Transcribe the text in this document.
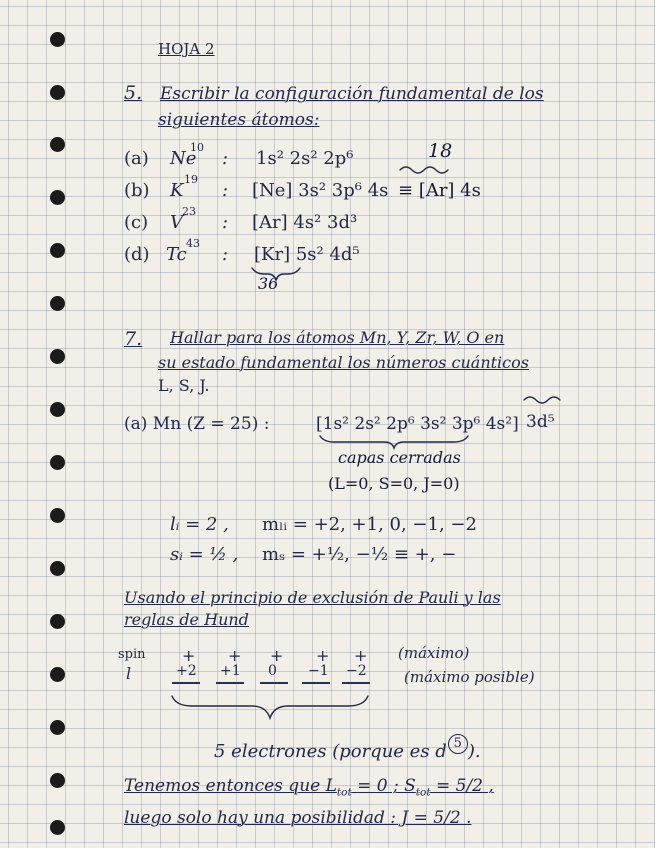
HOJA 2
5. Escribir la configuración fundamental de los
siguientes átomos:
(a) Ne
10
: 1s² 2s² 2p⁶	18
(b) K
19
: [Ne] 3s² 3p⁶ 4s ≡ [Ar] 4s
(c) V
23
: [Ar] 4s² 3d³
(d) Tc
43
: [Kr] 5s² 4d⁵
36
7. Hallar para los átomos Mn, Y, Zr, W, O en
su estado fundamental los números cuánticos
L, S, J.
(a) Mn (Z = 25) :	[1s² 2s² 2p⁶ 3s² 3p⁶ 4s²] 3d⁵
capas cerradas
(L=0, S=0, J=0)
lᵢ = 2 , mₗᵢ = +2, +1, 0, −1, −2
sᵢ = ½ , mₛ = +½, −½ ≡ +, −
Usando el principio de exclusión de Pauli y las
reglas de Hund
spin
l
+ + + + +
+2 +1 0 −1 −2
(máximo)
(máximo posible)
5 electrones (porque es d 5 ).
Tenemos entonces que $L_{tot} = 0$ ; $S_{tot} = 5/2$ ,
luego solo hay una posibilidad : J = 5/2 .
